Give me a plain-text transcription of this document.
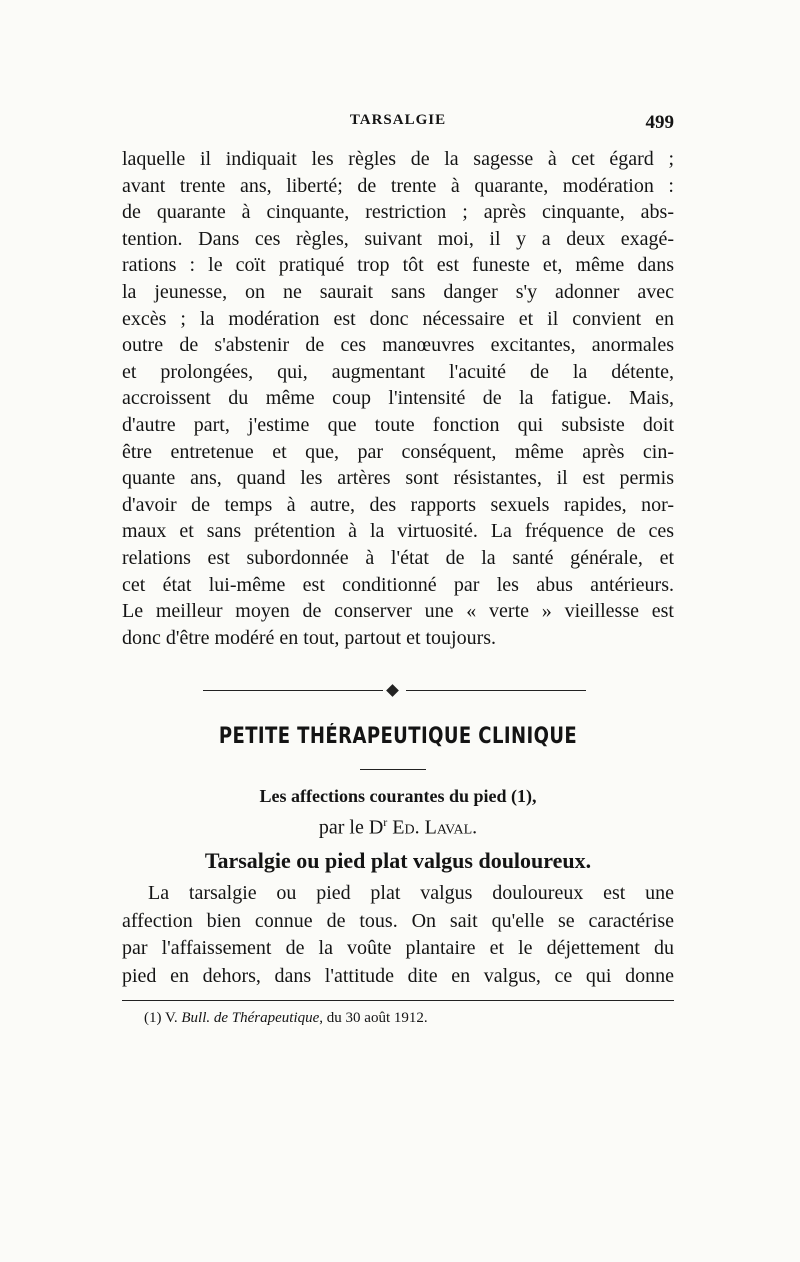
TARSALGIE	499
laquelle il indiquait les règles de la sagesse à cet égard ;
avant trente ans, liberté; de trente à quarante, modération :
de quarante à cinquante, restriction ; après cinquante, abs-
tention. Dans ces règles, suivant moi, il y a deux exagé-
rations : le coït pratiqué trop tôt est funeste et, même dans
la jeunesse, on ne saurait sans danger s'y adonner avec
excès ; la modération est donc nécessaire et il convient en
outre de s'abstenir de ces manœuvres excitantes, anormales
et prolongées, qui, augmentant l'acuité de la détente,
accroissent du même coup l'intensité de la fatigue. Mais,
d'autre part, j'estime que toute fonction qui subsiste doit
être entretenue et que, par conséquent, même après cin-
quante ans, quand les artères sont résistantes, il est permis
d'avoir de temps à autre, des rapports sexuels rapides, nor-
maux et sans prétention à la virtuosité. La fréquence de ces
relations est subordonnée à l'état de la santé générale, et
cet état lui-même est conditionné par les abus antérieurs.
Le meilleur moyen de conserver une « verte » vieillesse est
donc d'être modéré en tout, partout et toujours.
PETITE THÉRAPEUTIQUE CLINIQUE
Les affections courantes du pied (1),
par le $D^r$ Ed. Laval.
Tarsalgie ou pied plat valgus douloureux.
La tarsalgie ou pied plat valgus douloureux est une
affection bien connue de tous. On sait qu'elle se caractérise
par l'affaissement de la voûte plantaire et le déjettement du
pied en dehors, dans l'attitude dite en valgus, ce qui donne
(1) V. Bull. de Thérapeutique, du 30 août 1912.
